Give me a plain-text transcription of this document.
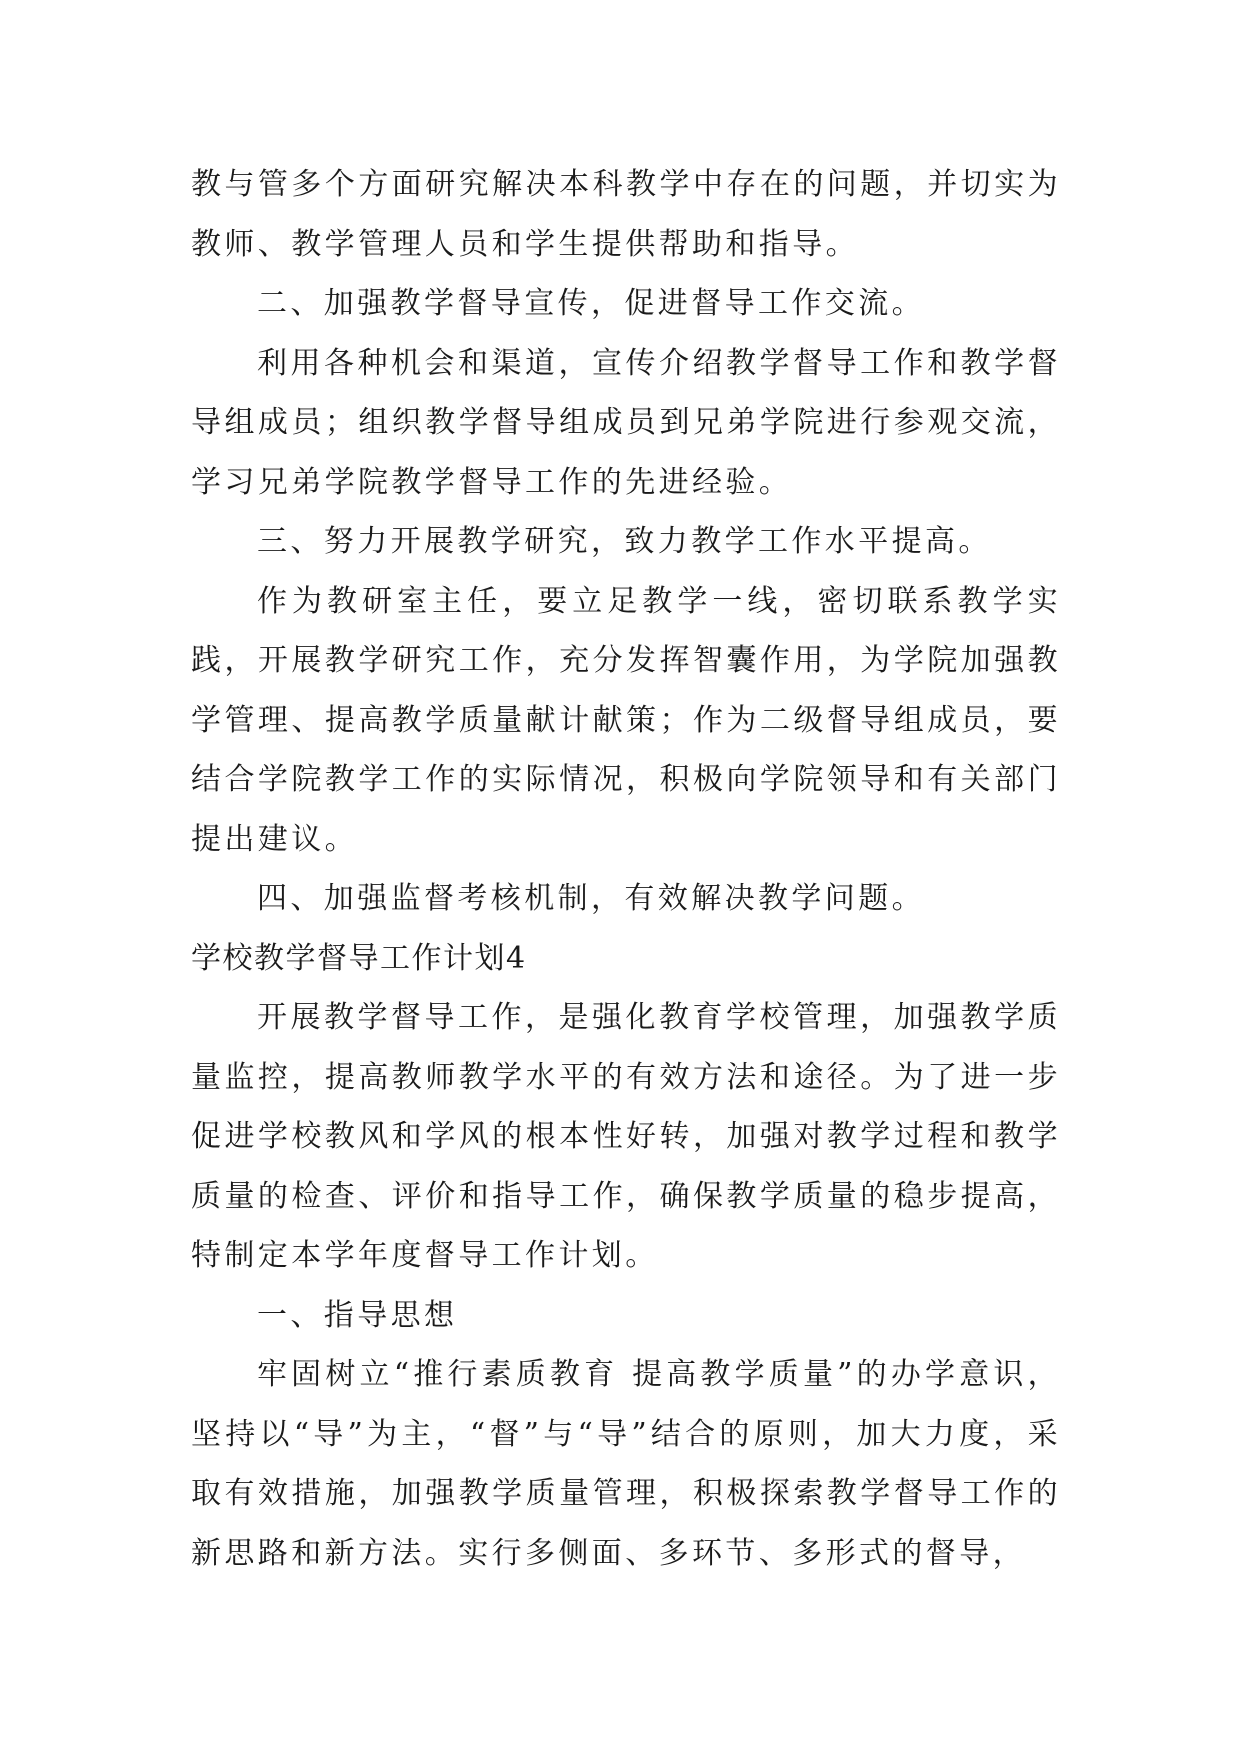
教与管多个方面研究解决本科教学中存在的问题，并切实为教师、教学管理人员和学生提供帮助和指导。

二、加强教学督导宣传，促进督导工作交流。

利用各种机会和渠道，宣传介绍教学督导工作和教学督导组成员；组织教学督导组成员到兄弟学院进行参观交流，学习兄弟学院教学督导工作的先进经验。

三、努力开展教学研究，致力教学工作水平提高。

作为教研室主任，要立足教学一线，密切联系教学实践，开展教学研究工作，充分发挥智囊作用，为学院加强教学管理、提高教学质量献计献策；作为二级督导组成员，要结合学院教学工作的实际情况，积极向学院领导和有关部门提出建议。

四、加强监督考核机制，有效解决教学问题。

学校教学督导工作计划4

开展教学督导工作，是强化教育学校管理，加强教学质量监控，提高教师教学水平的有效方法和途径。为了进一步促进学校教风和学风的根本性好转，加强对教学过程和教学质量的检查、评价和指导工作，确保教学质量的稳步提高，特制定本学年度督导工作计划。

一、指导思想

牢固树立“推行素质教育 提高教学质量”的办学意识，坚持以“导”为主，“督”与“导”结合的原则，加大力度，采取有效措施，加强教学质量管理，积极探索教学督导工作的新思路和新方法。实行多侧面、多环节、多形式的督导，
